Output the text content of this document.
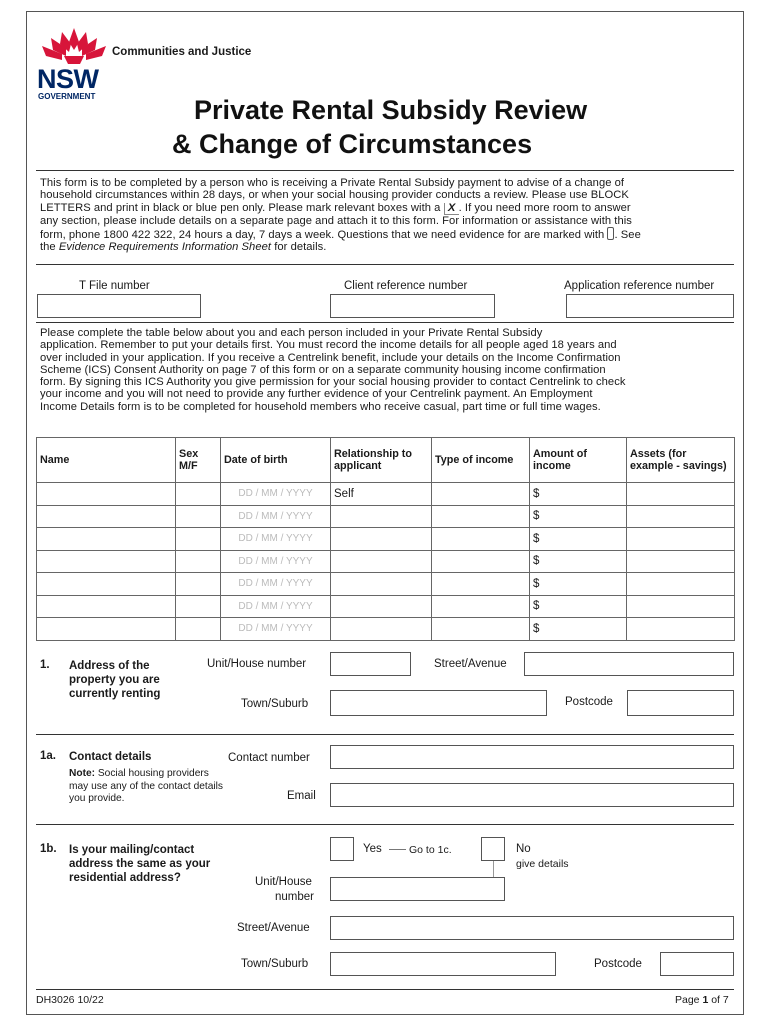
Communities and Justice
NSW
GOVERNMENT	Private Rental Subsidy Review
& Change of Circumstances
This form is to be completed by a person who is receiving a Private Rental Subsidy payment to advise of a change of
household circumstances within 28 days, or when your social housing provider conducts a review. Please use BLOCK
LETTERS and print in black or blue pen only. Please mark relevant boxes with a X . If you need more room to answer
any section, please include details on a separate page and attach it to this form. For information or assistance with this
form, phone 1800 422 322, 24 hours a day, 7 days a week. Questions that we need evidence for are marked with . See
the Evidence Requirements Information Sheet for details.
T File number	Client reference number	Application reference number
Please complete the table below about you and each person included in your Private Rental Subsidy
application. Remember to put your details first. You must record the income details for all people aged 18 years and
over included in your application. If you receive a Centrelink benefit, include your details on the Income Confirmation
Scheme (ICS) Consent Authority on page 7 of this form or on a separate community housing income confirmation
form. By signing this ICS Authority you give permission for your social housing provider to contact Centrelink to check
your income and you will not need to provide any further evidence of your Centrelink payment. An Employment
Income Details form is to be completed for household members who receive casual, part time or full time wages.
Name	Sex M/F	Date of birth	Relationship to applicant	Type of income	Amount of income	Assets (for example - savings)
		DD / MM / YYYY	Self		$	
		DD / MM / YYYY			$	
		DD / MM / YYYY			$	
		DD / MM / YYYY			$	
		DD / MM / YYYY			$	
		DD / MM / YYYY			$	
		DD / MM / YYYY			$	
1. Address of the property you are currently renting
Unit/House number	Street/Avenue
Town/Suburb	Postcode
1a. Contact details
Note: Social housing providers may use any of the contact details you provide.
Contact number
Email
1b. Is your mailing/contact address the same as your residential address?
Yes	Go to 1c.	No
give details
Unit/House
number
Street/Avenue
Town/Suburb	Postcode
DH3026 10/22	Page 1 of 7
